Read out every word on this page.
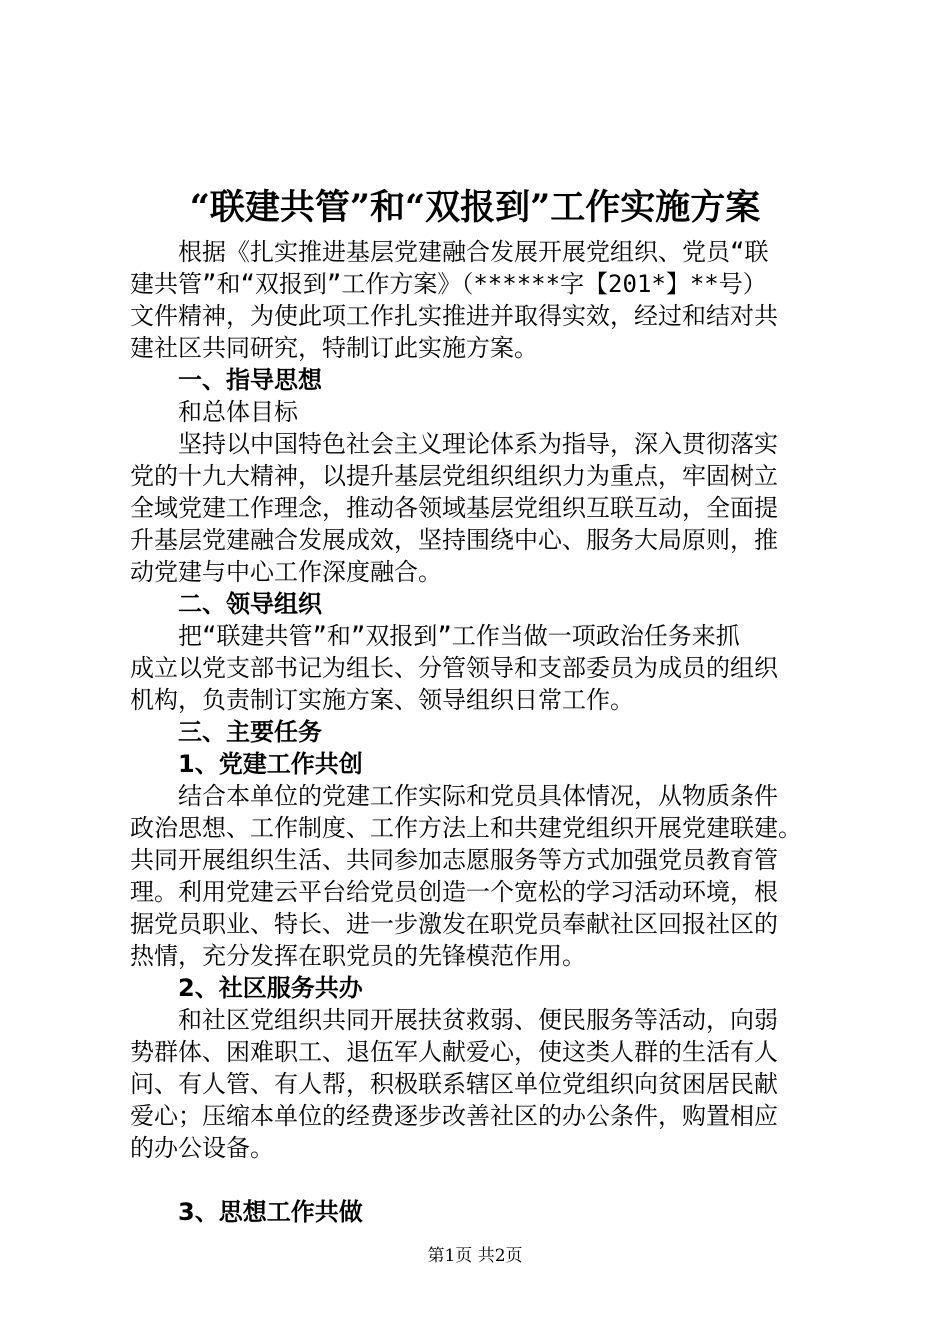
“联建共管”和“双报到”工作实施方案
根据《扎实推进基层党建融合发展开展党组织、党员“联
建共管”和“双报到”工作方案》（******字【201*】**号）
文件精神，为使此项工作扎实推进并取得实效，经过和结对共
建社区共同研究，特制订此实施方案。
一、指导思想
和总体目标
坚持以中国特色社会主义理论体系为指导，深入贯彻落实
党的十九大精神，以提升基层党组织组织力为重点，牢固树立
全域党建工作理念，推动各领域基层党组织互联互动，全面提
升基层党建融合发展成效，坚持围绕中心、服务大局原则，推
动党建与中心工作深度融合。
二、领导组织
把“联建共管”和”双报到”工作当做一项政治任务来抓
成立以党支部书记为组长、分管领导和支部委员为成员的组织
机构，负责制订实施方案、领导组织日常工作。
三、主要任务
1、党建工作共创
结合本单位的党建工作实际和党员具体情况，从物质条件
政治思想、工作制度、工作方法上和共建党组织开展党建联建。
共同开展组织生活、共同参加志愿服务等方式加强党员教育管
理。利用党建云平台给党员创造一个宽松的学习活动环境，根
据党员职业、特长、进一步激发在职党员奉献社区回报社区的
热情，充分发挥在职党员的先锋模范作用。
2、社区服务共办
和社区党组织共同开展扶贫救弱、便民服务等活动，向弱
势群体、困难职工、退伍军人献爱心，使这类人群的生活有人
问、有人管、有人帮，积极联系辖区单位党组织向贫困居民献
爱心；压缩本单位的经费逐步改善社区的办公条件，购置相应
的办公设备。
3、思想工作共做
第1页 共2页
